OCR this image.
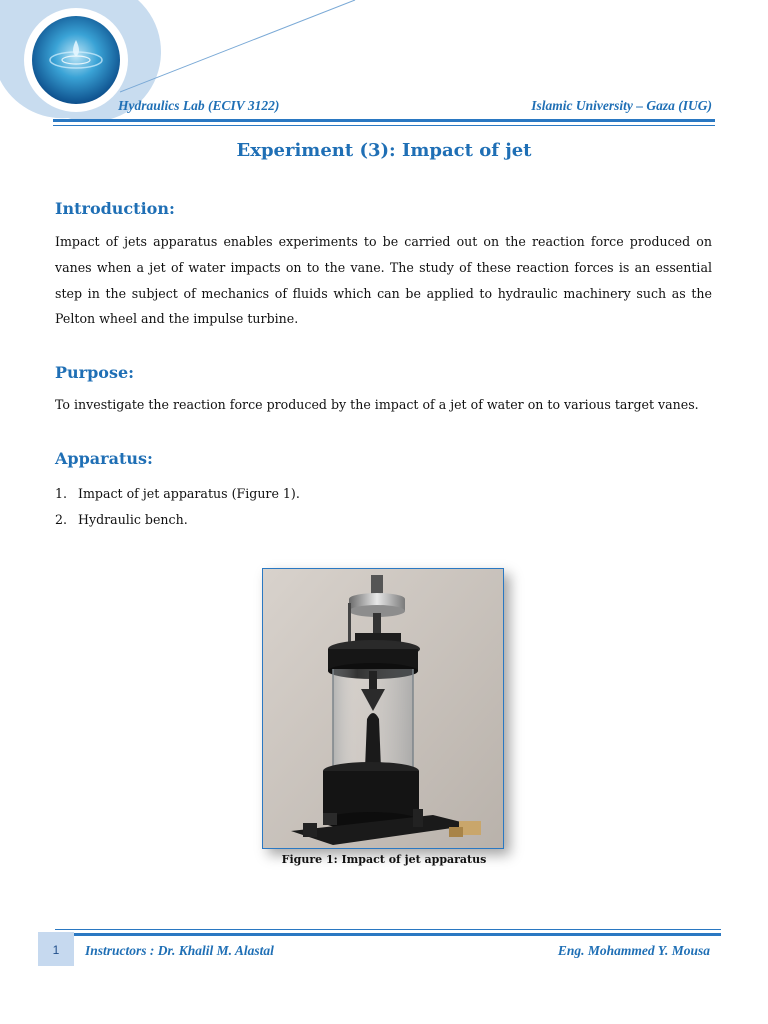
Hydraulics Lab (ECIV 3122)	Islamic University – Gaza (IUG)
Experiment (3): Impact of jet
Introduction:
Impact of jets apparatus enables experiments to be carried out on the reaction force produced on vanes when a jet of water impacts on to the vane. The study of these reaction forces is an essential step in the subject of mechanics of fluids which can be applied to hydraulic machinery such as the Pelton wheel and the impulse turbine.
Purpose:
To investigate the reaction force produced by the impact of a jet of water on to various target vanes.
Apparatus:
1. Impact of jet apparatus (Figure 1).
2. Hydraulic bench.
Figure 1: Impact of jet apparatus
1	Instructors : Dr. Khalil M. Alastal	Eng. Mohammed Y. Mousa
